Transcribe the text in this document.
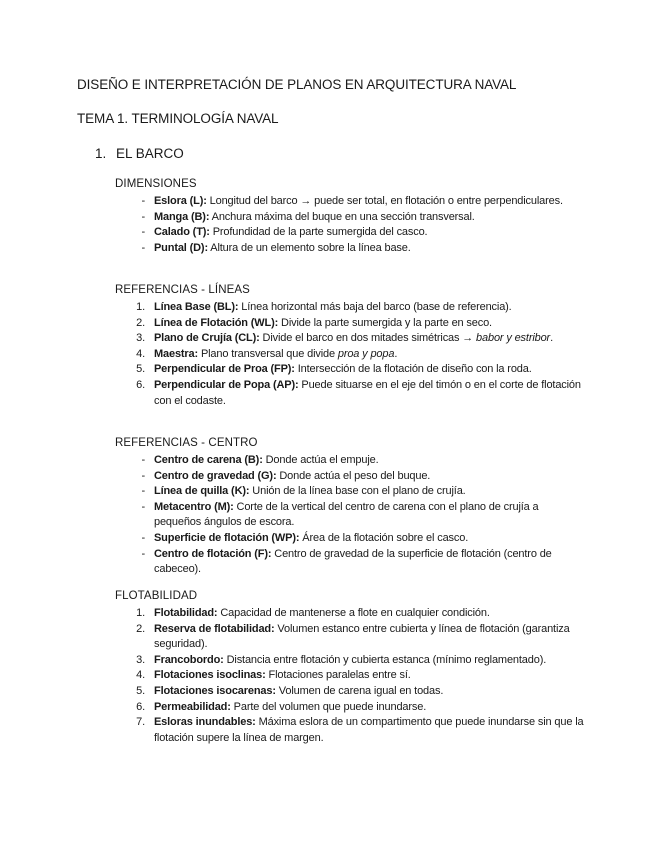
DISEÑO E INTERPRETACIÓN DE PLANOS EN ARQUITECTURA NAVAL
TEMA 1. TERMINOLOGÍA NAVAL
1. EL BARCO
DIMENSIONES
- Eslora (L): Longitud del barco → puede ser total, en flotación o entre perpendiculares.
- Manga (B): Anchura máxima del buque en una sección transversal.
- Calado (T): Profundidad de la parte sumergida del casco.
- Puntal (D): Altura de un elemento sobre la línea base.
REFERENCIAS - LÍNEAS
1. Línea Base (BL): Línea horizontal más baja del barco (base de referencia).
2. Línea de Flotación (WL): Divide la parte sumergida y la parte en seco.
3. Plano de Crujía (CL): Divide el barco en dos mitades simétricas → babor y estribor.
4. Maestra: Plano transversal que divide proa y popa.
5. Perpendicular de Proa (FP): Intersección de la flotación de diseño con la roda.
6. Perpendicular de Popa (AP): Puede situarse en el eje del timón o en el corte de flotación con el codaste.
REFERENCIAS - CENTRO
- Centro de carena (B): Donde actúa el empuje.
- Centro de gravedad (G): Donde actúa el peso del buque.
- Línea de quilla (K): Unión de la línea base con el plano de crujía.
- Metacentro (M): Corte de la vertical del centro de carena con el plano de crujía a pequeños ángulos de escora.
- Superficie de flotación (WP): Área de la flotación sobre el casco.
- Centro de flotación (F): Centro de gravedad de la superficie de flotación (centro de cabeceo).
FLOTABILIDAD
1. Flotabilidad: Capacidad de mantenerse a flote en cualquier condición.
2. Reserva de flotabilidad: Volumen estanco entre cubierta y línea de flotación (garantiza seguridad).
3. Francobordo: Distancia entre flotación y cubierta estanca (mínimo reglamentado).
4. Flotaciones isoclinas: Flotaciones paralelas entre sí.
5. Flotaciones isocarenas: Volumen de carena igual en todas.
6. Permeabilidad: Parte del volumen que puede inundarse.
7. Esloras inundables: Máxima eslora de un compartimento que puede inundarse sin que la flotación supere la línea de margen.
